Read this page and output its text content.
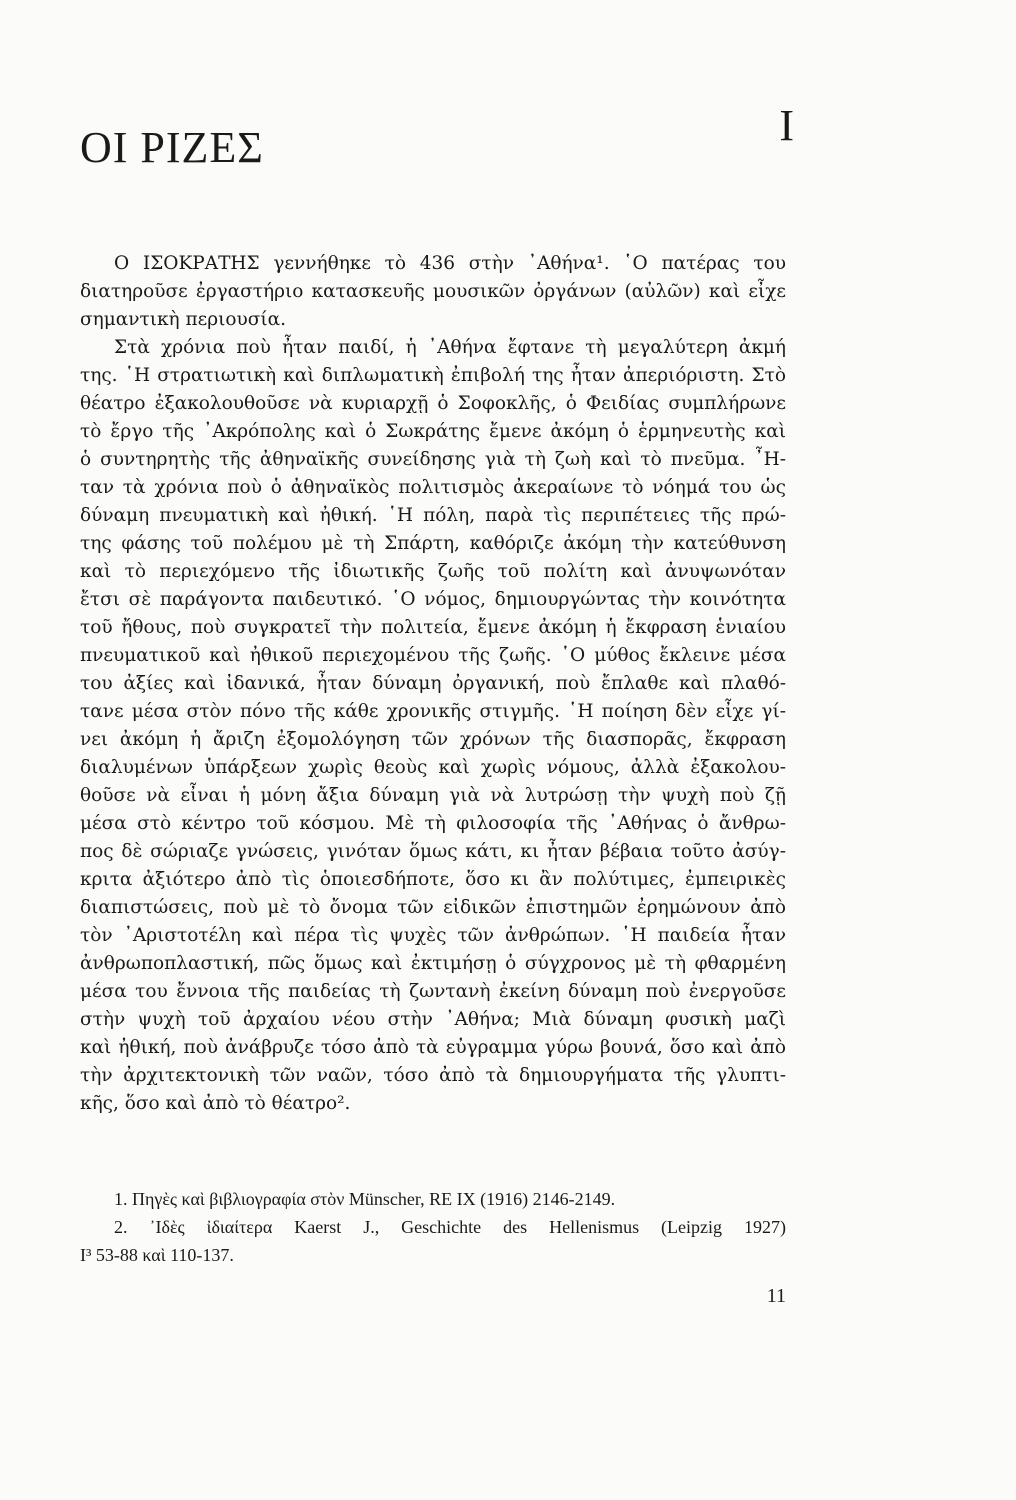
I
ΟΙ ΡΙΖΕΣ
Ο ΙΣΟΚΡΑΤΗΣ γεννήθηκε τὸ 436 στὴν ᾿Αθήνα¹. ῾Ο πατέρας του
διατηροῦσε ἐργαστήριο κατασκευῆς μουσικῶν ὀργάνων (αὐλῶν) καὶ εἶχε
σημαντικὴ περιουσία.
Στὰ χρόνια ποὺ ἦταν παιδί, ἡ ᾿Αθήνα ἔφτανε τὴ μεγαλύτερη ἀκμή
της. ῾Η στρατιωτικὴ καὶ διπλωματικὴ ἐπιβολή της ἦταν ἀπεριόριστη. Στὸ
θέατρο ἐξακολουθοῦσε νὰ κυριαρχῇ ὁ Σοφοκλῆς, ὁ Φειδίας συμπλήρωνε
τὸ ἔργο τῆς ᾿Ακρόπολης καὶ ὁ Σωκράτης ἔμενε ἀκόμη ὁ ἑρμηνευτὴς καὶ
ὁ συντηρητὴς τῆς ἀθηναϊκῆς συνείδησης γιὰ τὴ ζωὴ καὶ τὸ πνεῦμα. ῏Η-
ταν τὰ χρόνια ποὺ ὁ ἀθηναϊκὸς πολιτισμὸς ἀκεραίωνε τὸ νόημά του ὡς
δύναμη πνευματικὴ καὶ ἠθική. ῾Η πόλη, παρὰ τὶς περιπέτειες τῆς πρώ-
της φάσης τοῦ πολέμου μὲ τὴ Σπάρτη, καθόριζε ἀκόμη τὴν κατεύθυνση
καὶ τὸ περιεχόμενο τῆς ἰδιωτικῆς ζωῆς τοῦ πολίτη καὶ ἀνυψωνόταν
ἔτσι σὲ παράγοντα παιδευτικό. ῾Ο νόμος, δημιουργώντας τὴν κοινότητα
τοῦ ἤθους, ποὺ συγκρατεῖ τὴν πολιτεία, ἔμενε ἀκόμη ἡ ἔκφραση ἑνιαίου
πνευματικοῦ καὶ ἠθικοῦ περιεχομένου τῆς ζωῆς. ῾Ο μύθος ἔκλεινε μέσα
του ἀξίες καὶ ἰδανικά, ἦταν δύναμη ὀργανική, ποὺ ἔπλαθε καὶ πλαθό-
τανε μέσα στὸν πόνο τῆς κάθε χρονικῆς στιγμῆς. ῾Η ποίηση δὲν εἶχε γί-
νει ἀκόμη ἡ ἄριζη ἐξομολόγηση τῶν χρόνων τῆς διασπορᾶς, ἔκφραση
διαλυμένων ὑπάρξεων χωρὶς θεοὺς καὶ χωρὶς νόμους, ἀλλὰ ἐξακολου-
θοῦσε νὰ εἶναι ἡ μόνη ἄξια δύναμη γιὰ νὰ λυτρώσῃ τὴν ψυχὴ ποὺ ζῇ
μέσα στὸ κέντρο τοῦ κόσμου. Μὲ τὴ φιλοσοφία τῆς ᾿Αθήνας ὁ ἄνθρω-
πος δὲ σώριαζε γνώσεις, γινόταν ὅμως κάτι, κι ἦταν βέβαια τοῦτο ἀσύγ-
κριτα ἀξιότερο ἀπὸ τὶς ὁποιεσδήποτε, ὅσο κι ἂν πολύτιμες, ἐμπειρικὲς
διαπιστώσεις, ποὺ μὲ τὸ ὄνομα τῶν εἰδικῶν ἐπιστημῶν ἐρημώνουν ἀπὸ
τὸν ᾿Αριστοτέλη καὶ πέρα τὶς ψυχὲς τῶν ἀνθρώπων. ῾Η παιδεία ἦταν
ἀνθρωποπλαστική, πῶς ὅμως καὶ ἐκτιμήσῃ ὁ σύγχρονος μὲ τὴ φθαρμένη
μέσα του ἔννοια τῆς παιδείας τὴ ζωντανὴ ἐκείνη δύναμη ποὺ ἐνεργοῦσε
στὴν ψυχὴ τοῦ ἀρχαίου νέου στὴν ᾿Αθήνα; Μιὰ δύναμη φυσικὴ μαζὶ
καὶ ἠθική, ποὺ ἀνάβρυζε τόσο ἀπὸ τὰ εὐγραμμα γύρω βουνά, ὅσο καὶ ἀπὸ
τὴν ἀρχιτεκτονικὴ τῶν ναῶν, τόσο ἀπὸ τὰ δημιουργήματα τῆς γλυπτι-
κῆς, ὅσο καὶ ἀπὸ τὸ θέατρο².
1. Πηγὲς καὶ βιβλιογραφία στὸν Münscher, RE IX (1916) 2146-2149.
2. ᾿Ιδὲς ἰδιαίτερα Kaerst J., Geschichte des Hellenismus (Leipzig 1927)
I³ 53-88 καὶ 110-137.
11
